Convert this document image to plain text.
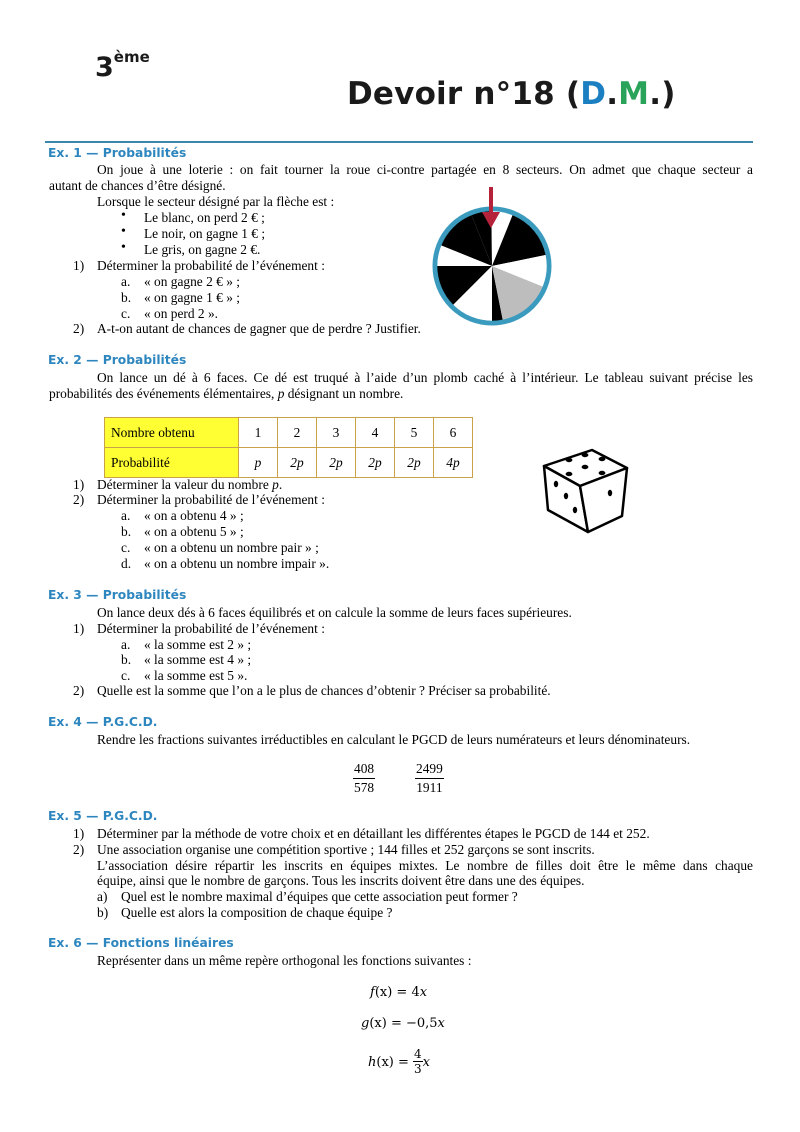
3ème
Devoir n°18 (D.M.)
Ex. 1 — Probabilités
On joue à une loterie : on fait tourner la roue ci-contre partagée en 8 secteurs. On admet que chaque secteur a
autant de chances d’être désigné.
Lorsque le secteur désigné par la flèche est :
• Le blanc, on perd 2 € ;
• Le noir, on gagne 1 € ;
• Le gris, on gagne 2 €.
1) Déterminer la probabilité de l’événement :
a. « on gagne 2 € » ;
b. « on gagne 1 € » ;
c. « on perd 2 ».
2) A-t-on autant de chances de gagner que de perdre ? Justifier.
Ex. 2 — Probabilités
On lance un dé à 6 faces. Ce dé est truqué à l’aide d’un plomb caché à l’intérieur. Le tableau suivant précise les
probabilités des événements élémentaires, p désignant un nombre.
Nombre obtenu	1	2	3	4	5	6
Probabilité	p	2p	2p	2p	2p	4p
1) Déterminer la valeur du nombre p.
2) Déterminer la probabilité de l’événement :
a. « on a obtenu 4 » ;
b. « on a obtenu 5 » ;
c. « on a obtenu un nombre pair » ;
d. « on a obtenu un nombre impair ».
Ex. 3 — Probabilités
On lance deux dés à 6 faces équilibrés et on calcule la somme de leurs faces supérieures.
1) Déterminer la probabilité de l’événement :
a. « la somme est 2 » ;
b. « la somme est 4 » ;
c. « la somme est 5 ».
2) Quelle est la somme que l’on a le plus de chances d’obtenir ? Préciser sa probabilité.
Ex. 4 — P.G.C.D.
Rendre les fractions suivantes irréductibles en calculant le PGCD de leurs numérateurs et leurs dénominateurs.
$\frac{408}{578}$	$\frac{2499}{1911}$
Ex. 5 — P.G.C.D.
1) Déterminer par la méthode de votre choix et en détaillant les différentes étapes le PGCD de 144 et 252.
2) Une association organise une compétition sportive ; 144 filles et 252 garçons se sont inscrits.
L’association désire répartir les inscrits en équipes mixtes. Le nombre de filles doit être le même dans chaque
équipe, ainsi que le nombre de garçons. Tous les inscrits doivent être dans une des équipes.
a) Quel est le nombre maximal d’équipes que cette association peut former ?
b) Quelle est alors la composition de chaque équipe ?
Ex. 6 — Fonctions linéaires
Représenter dans un même repère orthogonal les fonctions suivantes :
f(x) = 4x
g(x) = −0,5x
$h(x) = \frac{4}{3}$ x
